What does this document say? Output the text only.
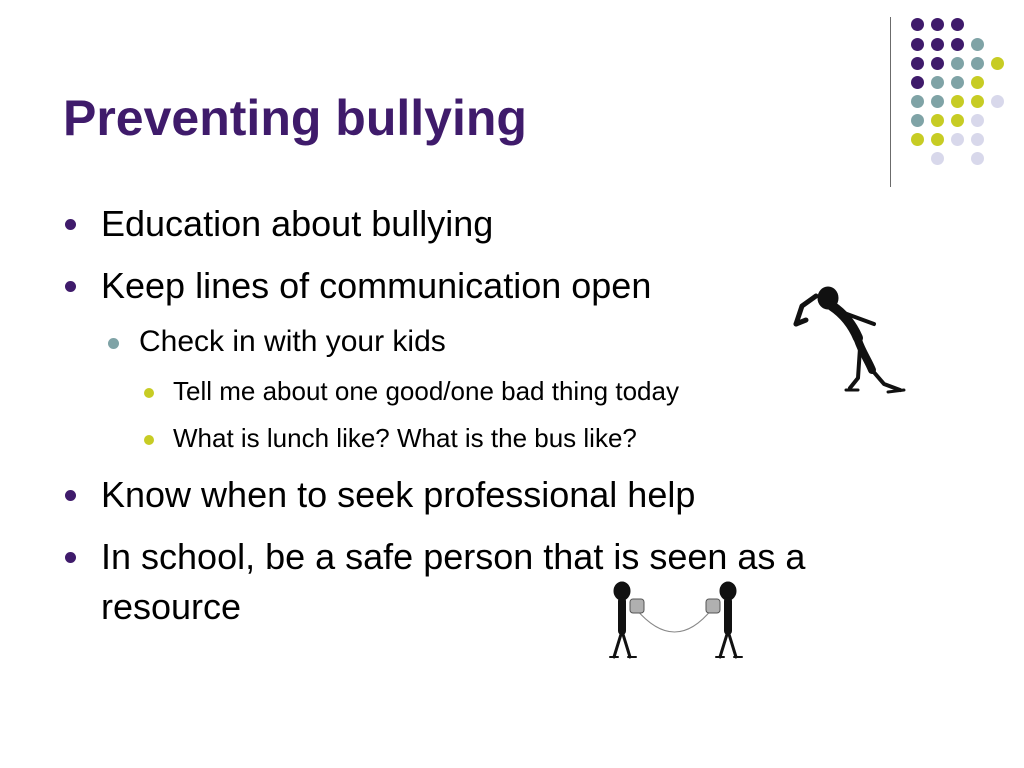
Preventing bullying
Education about bullying
Keep lines of communication open
Check in with your kids
Tell me about one good/one bad thing today
What is lunch like? What is the bus like?
Know when to seek professional help
In school, be a safe person that is seen as a
resource
